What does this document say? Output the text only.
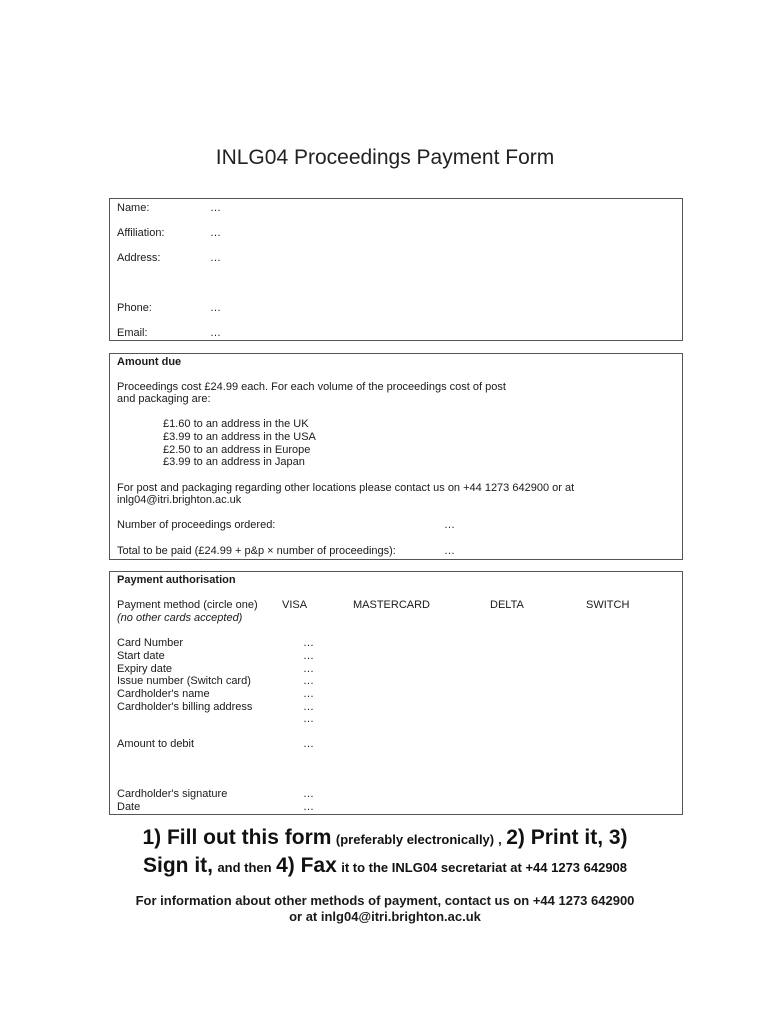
INLG04 Proceedings Payment Form
Name:	…
Affiliation:	…
Address:	…
Phone:	…
Email:	…
Amount due
Proceedings cost £24.99 each. For each volume of the proceedings cost of post
and packaging are:
£1.60 to an address in the UK
£3.99 to an address in the USA
£2.50 to an address in Europe
£3.99 to an address in Japan
For post and packaging regarding other locations please contact us on +44 1273 642900 or at
inlg04@itri.brighton.ac.uk
Number of proceedings ordered:	…
Total to be paid (£24.99 + p&p × number of proceedings):	…
Payment authorisation
Payment method (circle one)
(no other cards accepted)
VISA	MASTERCARD	DELTA	SWITCH
Card Number	…
Start date	…
Expiry date	…
Issue number (Switch card)	…
Cardholder's name	…
Cardholder's billing address	…
…
Amount to debit	…
Cardholder's signature	…
Date	…
1) Fill out this form (preferably electronically) , 2) Print it, 3)
Sign it, and then 4) Fax it to the INLG04 secretariat at +44 1273 642908
For information about other methods of payment, contact us on +44 1273 642900
or at inlg04@itri.brighton.ac.uk
